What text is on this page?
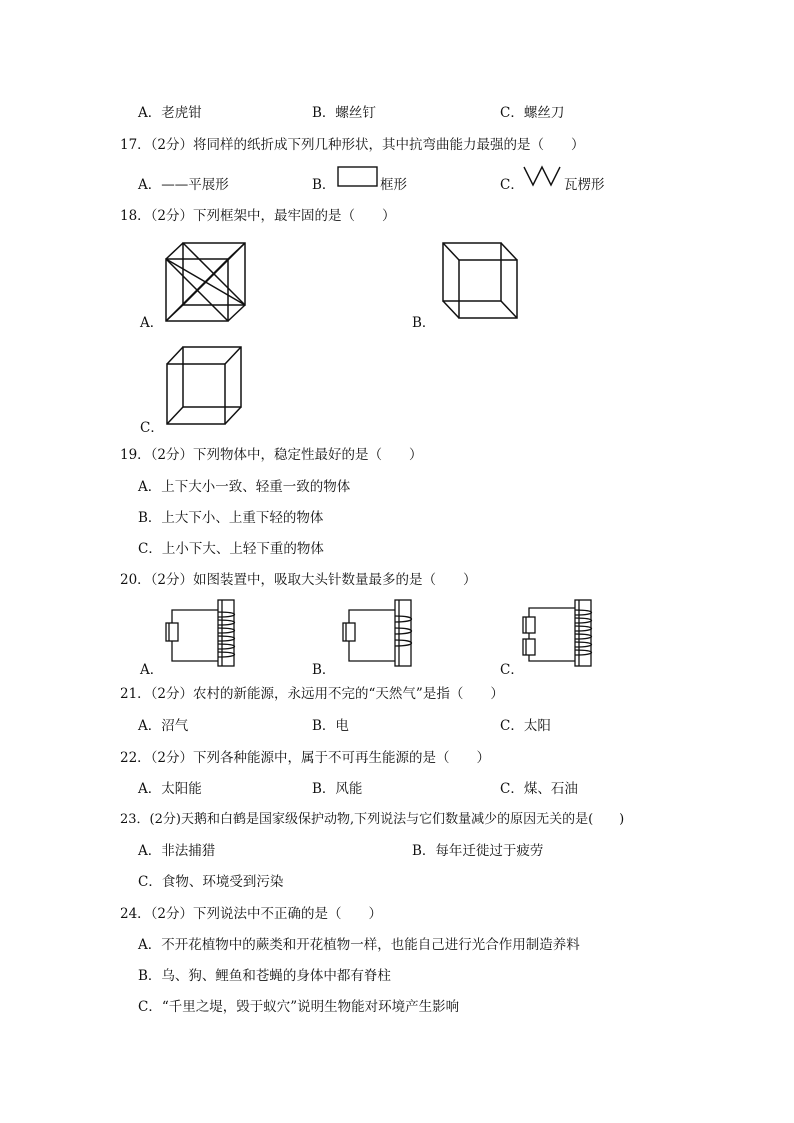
A．老虎钳	B．螺丝钉	C．螺丝刀
17．（2分）将同样的纸折成下列几种形状，其中抗弯曲能力最强的是（　　）
A．——平展形	B．	框形	C．	瓦楞形
18．（2分）下列框架中，最牢固的是（　　）
A．	B．
C．
19．（2分）下列物体中，稳定性最好的是（　　）
A．上下大小一致、轻重一致的物体
B．上大下小、上重下轻的物体
C．上小下大、上轻下重的物体
20．（2分）如图装置中，吸取大头针数量最多的是（　　）
A．	B．	C．
21．（2分）农村的新能源，永远用不完的“天然气”是指（　　）
A．沼气	B．电	C．太阳
22．（2分）下列各种能源中，属于不可再生能源的是（　　）
A．太阳能	B．风能	C．煤、石油
23．(2分)天鹅和白鹤是国家级保护动物,下列说法与它们数量减少的原因无关的是(　　)
A．非法捕猎	B．每年迁徙过于疲劳
C．食物、环境受到污染
24．（2分）下列说法中不正确的是（　　）
A．不开花植物中的蕨类和开花植物一样，也能自己进行光合作用制造养料
B．乌、狗、鲤鱼和苍蝇的身体中都有脊柱
C．“千里之堤，毁于蚁穴”说明生物能对环境产生影响
